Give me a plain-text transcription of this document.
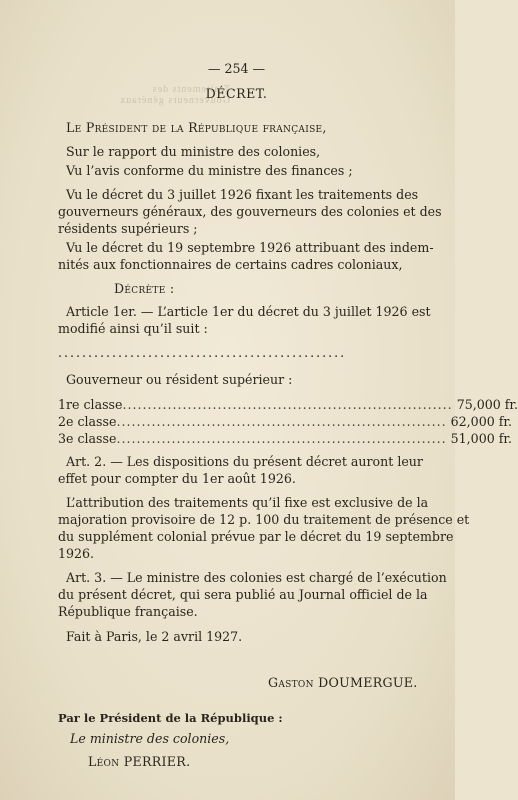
Traitements des Gouverneurs généraux
— 254 —
DÉCRET.
Le Président de la République française,
Sur le rapport du ministre des colonies,
Vu l’avis conforme du ministre des finances ;
Vu le décret du 3 juillet 1926 fixant les traitements des
gouverneurs généraux, des gouverneurs des colonies et des
résidents supérieurs ;
Vu le décret du 19 septembre 1926 attribuant des indem-
nités aux fonctionnaires de certains cadres coloniaux,
Décrète :
Article 1er. — L’article 1er du décret du 3 juillet 1926 est
modifié ainsi qu’il suit :
................................................
Gouverneur ou résident supérieur :
1re classe .................................................................. 75,000 fr.
2e classe .................................................................. 62,000 fr.
3e classe .................................................................. 51,000 fr.
Art. 2. — Les dispositions du présent décret auront leur
effet pour compter du 1er août 1926.
L’attribution des traitements qu’il fixe est exclusive de la
majoration provisoire de 12 p. 100 du traitement de présence et
du supplément colonial prévue par le décret du 19 septembre
1926.
Art. 3. — Le ministre des colonies est chargé de l’exécution
du présent décret, qui sera publié au Journal officiel de la
République française.
Fait à Paris, le 2 avril 1927.
Gaston DOUMERGUE.
Par le Président de la République :
Le ministre des colonies,
Léon PERRIER.
